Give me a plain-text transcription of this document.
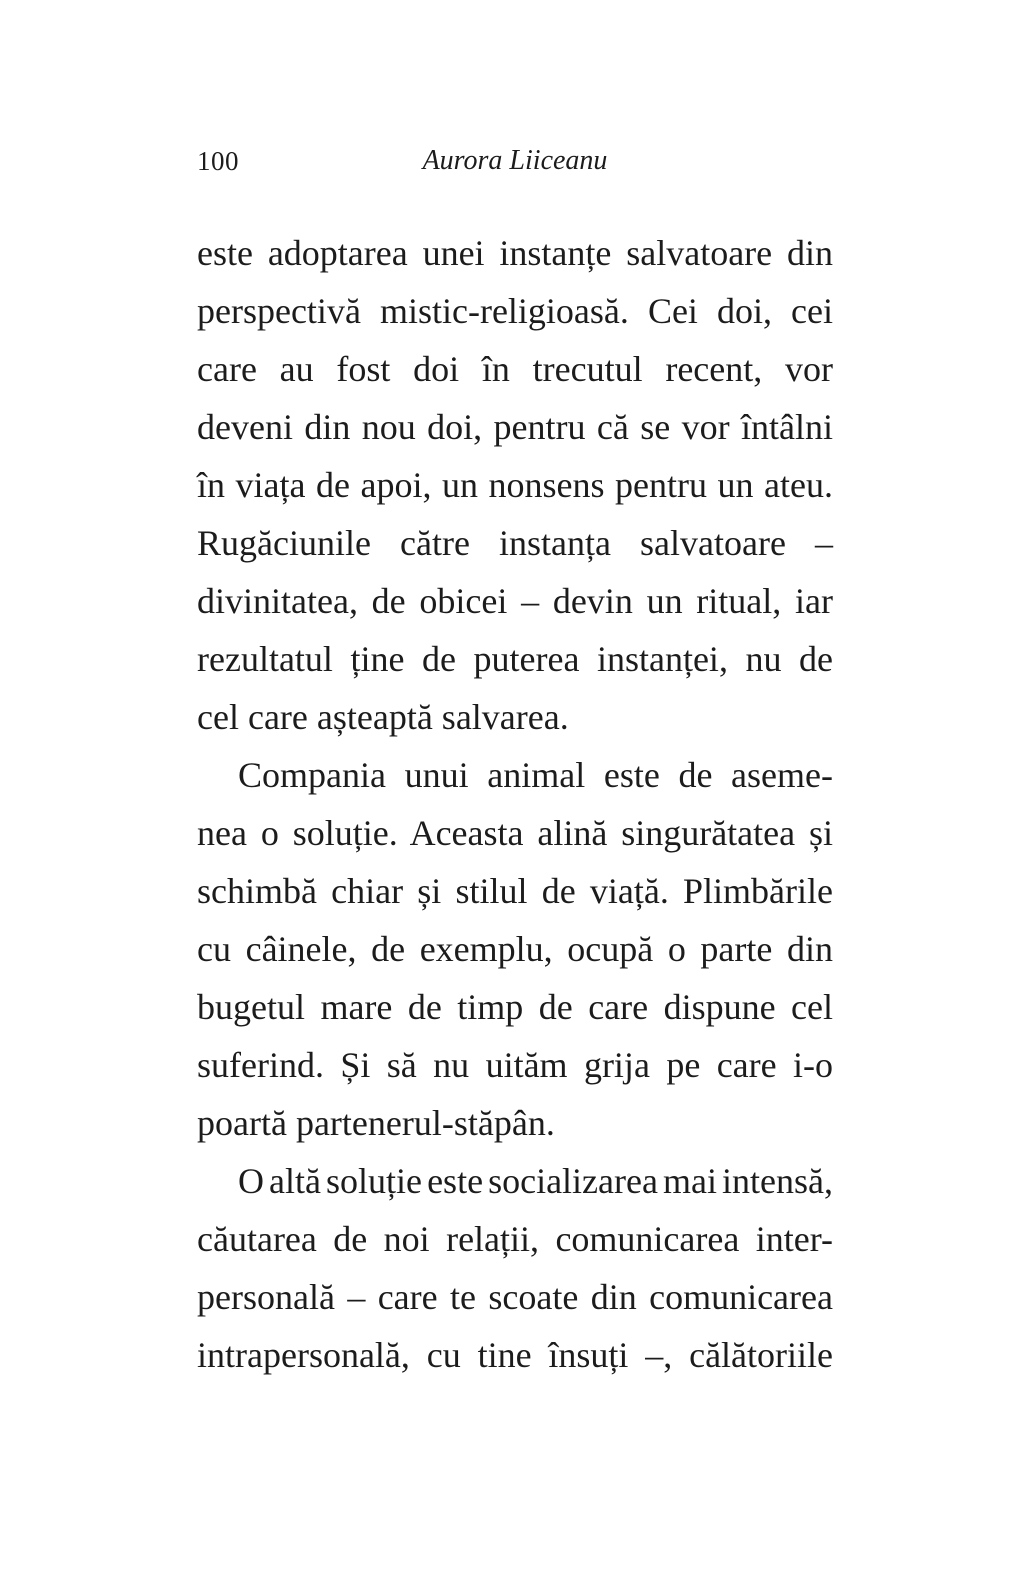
100	Aurora Liiceanu
este adoptarea unei instanțe salvatoare din
perspectivă mistic-religioasă. Cei doi, cei
care au fost doi în trecutul recent, vor
deveni din nou doi, pentru că se vor întâlni
în viața de apoi, un nonsens pentru un ateu.
Rugăciunile către instanța salvatoare –
divinitatea, de obicei – devin un ritual, iar
rezultatul ține de puterea instanței, nu de
cel care așteaptă salvarea.
Compania unui animal este de aseme-
nea o soluție. Aceasta alină singurătatea și
schimbă chiar și stilul de viață. Plimbările
cu câinele, de exemplu, ocupă o parte din
bugetul mare de timp de care dispune cel
suferind. Și să nu uităm grija pe care i-o
poartă partenerul-stăpân.
O altă soluție este socializarea mai intensă,
căutarea de noi relații, comunicarea inter-
personală – care te scoate din comunicarea
intrapersonală, cu tine însuți –, călătoriile
